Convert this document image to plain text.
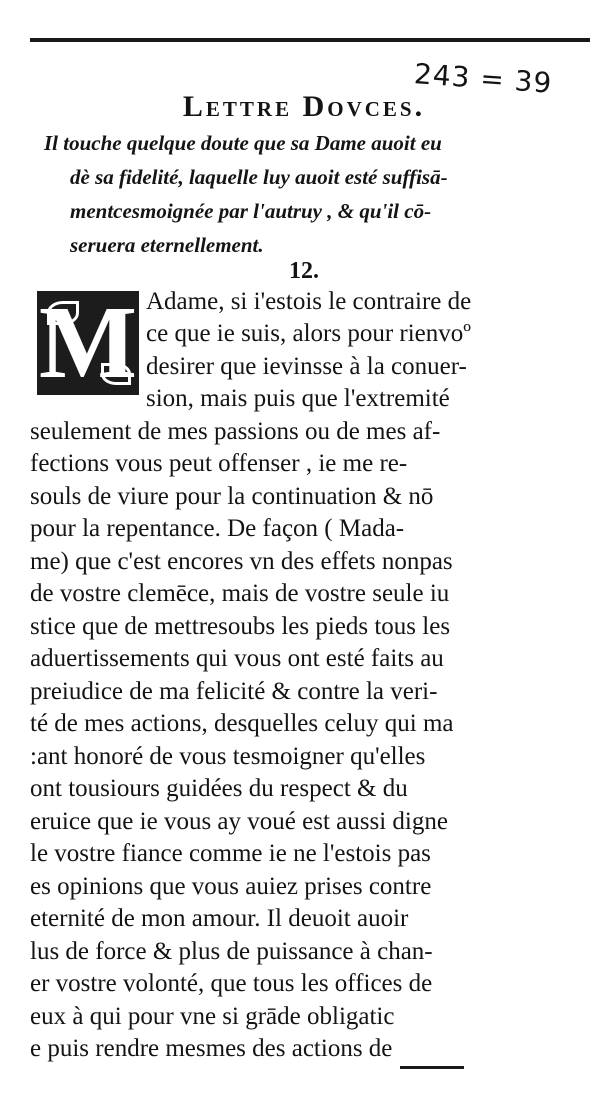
243 = 39
Lettre Dovces.
Il touche quelque doute que sa Dame auoit eu
dè sa fidelité, laquelle luy auoit esté suffisā-
mentcesmoignée par l'autruy , & qu'il cō-
seruera eternellement.
12.
M Adame, si i'estois le contraire de
ce que ie suis, alors pour rienvoº
desirer que ievinsse à la conuer-
sion, mais puis que l'extremité
seulement de mes passions ou de mes af-
fections vous peut offenser , ie me re-
souls de viure pour la continuation & nō
pour la repentance. De façon ( Mada-
me) que c'est encores vn des effets nonpas
de vostre clemēce, mais de vostre seule iu
stice que de mettresoubs les pieds tous les
aduertissements qui vous ont esté faits au
preiudice de ma felicité & contre la veri-
té de mes actions, desquelles celuy qui ma
:ant honoré de vous tesmoigner qu'elles
ont tousiours guidées du respect & du
eruice que ie vous ay voué est aussi digne
le vostre fiance comme ie ne l'estois pas
es opinions que vous auiez prises contre
eternité de mon amour. Il deuoit auoir
lus de force & plus de puissance à chan-
er vostre volonté, que tous les offices de
eux à qui pour vne si grāde obligatic
e puis rendre mesmes des actions de
